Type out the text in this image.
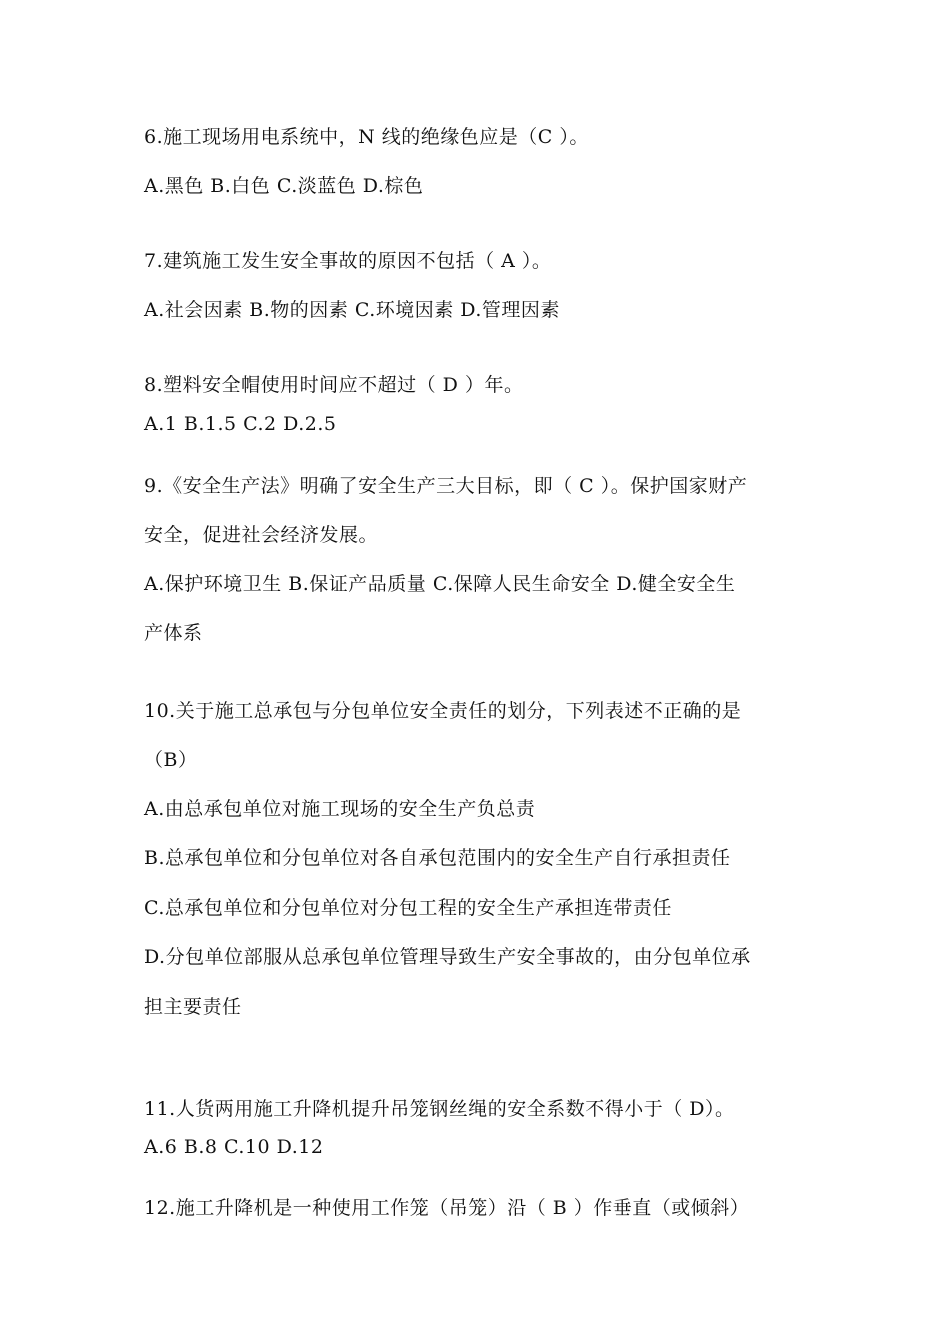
6.施工现场用电系统中，N 线的绝缘色应是（C ）。
A.黑色 B.白色 C.淡蓝色 D.棕色
7.建筑施工发生安全事故的原因不包括（ A ）。
A.社会因素 B.物的因素 C.环境因素 D.管理因素
8.塑料安全帽使用时间应不超过（ D ）年。
A.1 B.1.5 C.2 D.2.5
9.《安全生产法》明确了安全生产三大目标，即（ C ）。保护国家财产
安全，促进社会经济发展。
A.保护环境卫生 B.保证产品质量 C.保障人民生命安全 D.健全安全生
产体系
10.关于施工总承包与分包单位安全责任的划分，下列表述不正确的是
（B）
A.由总承包单位对施工现场的安全生产负总责
B.总承包单位和分包单位对各自承包范围内的安全生产自行承担责任
C.总承包单位和分包单位对分包工程的安全生产承担连带责任
D.分包单位部服从总承包单位管理导致生产安全事故的，由分包单位承
担主要责任
11.人货两用施工升降机提升吊笼钢丝绳的安全系数不得小于（ D）。
A.6 B.8 C.10 D.12
12.施工升降机是一种使用工作笼（吊笼）沿（ B ）作垂直（或倾斜）
